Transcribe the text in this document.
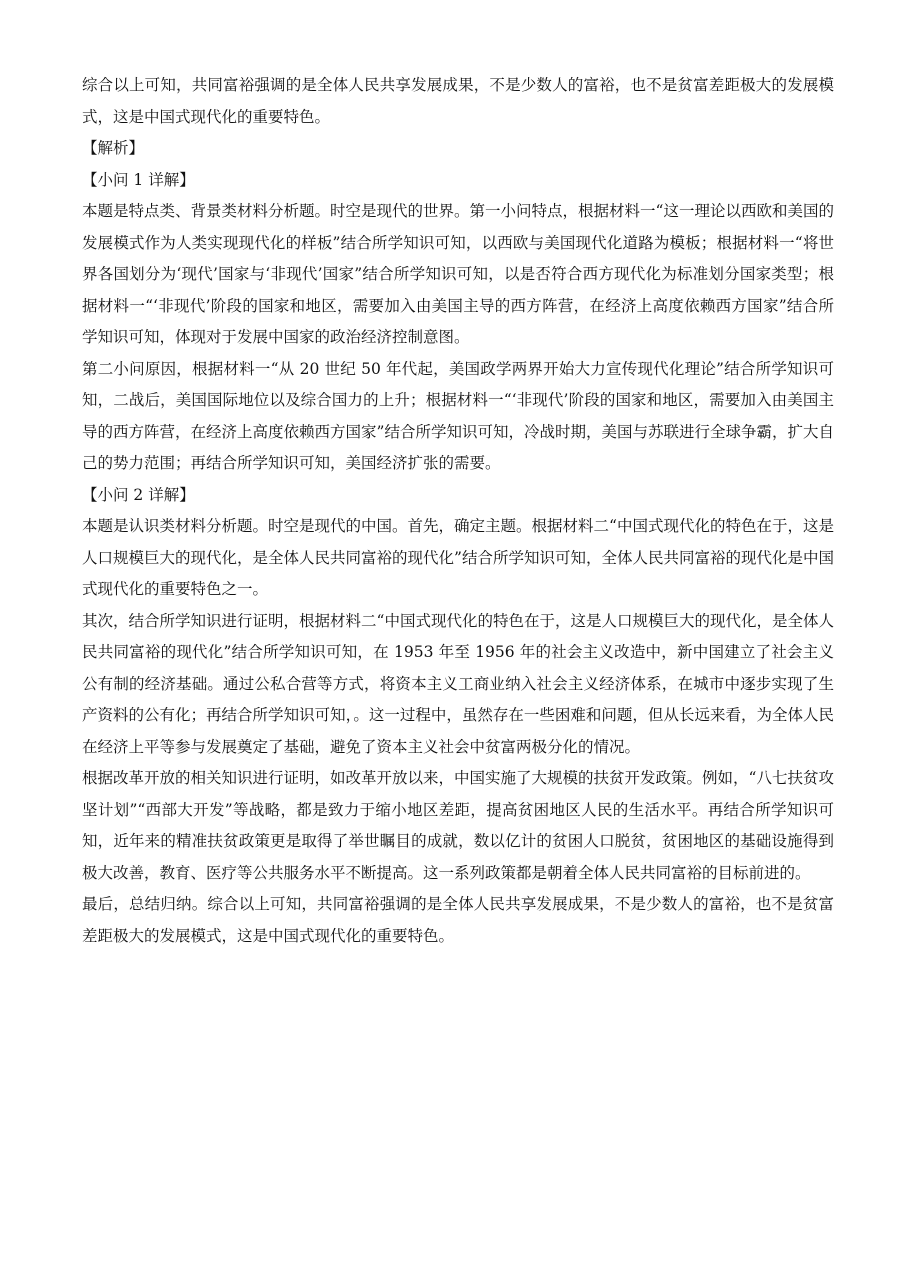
综合以上可知，共同富裕强调的是全体人民共享发展成果，不是少数人的富裕，也不是贫富差距极大的发展模式，这是中国式现代化的重要特色。

【解析】

【小问 1 详解】

本题是特点类、背景类材料分析题。时空是现代的世界。第一小问特点，根据材料一“这一理论以西欧和美国的发展模式作为人类实现现代化的样板”结合所学知识可知，以西欧与美国现代化道路为模板；根据材料一“将世界各国划分为‘现代’国家与‘非现代’国家”结合所学知识可知，以是否符合西方现代化为标准划分国家类型；根据材料一“‘非现代’阶段的国家和地区，需要加入由美国主导的西方阵营，在经济上高度依赖西方国家”结合所学知识可知，体现对于发展中国家的政治经济控制意图。

第二小问原因，根据材料一“从 20 世纪 50 年代起，美国政学两界开始大力宣传现代化理论”结合所学知识可知，二战后，美国国际地位以及综合国力的上升；根据材料一“‘非现代’阶段的国家和地区，需要加入由美国主导的西方阵营，在经济上高度依赖西方国家”结合所学知识可知，冷战时期，美国与苏联进行全球争霸，扩大自己的势力范围；再结合所学知识可知，美国经济扩张的需要。

【小问 2 详解】

本题是认识类材料分析题。时空是现代的中国。首先，确定主题。根据材料二“中国式现代化的特色在于，这是人口规模巨大的现代化，是全体人民共同富裕的现代化”结合所学知识可知，全体人民共同富裕的现代化是中国式现代化的重要特色之一。

其次，结合所学知识进行证明，根据材料二“中国式现代化的特色在于，这是人口规模巨大的现代化，是全体人民共同富裕的现代化”结合所学知识可知，在 1953 年至 1956 年的社会主义改造中，新中国建立了社会主义公有制的经济基础。通过公私合营等方式，将资本主义工商业纳入社会主义经济体系，在城市中逐步实现了生产资料的公有化；再结合所学知识可知，。这一过程中，虽然存在一些困难和问题，但从长远来看，为全体人民在经济上平等参与发展奠定了基础，避免了资本主义社会中贫富两极分化的情况。

根据改革开放的相关知识进行证明，如改革开放以来，中国实施了大规模的扶贫开发政策。例如，“八七扶贫攻坚计划”“西部大开发”等战略，都是致力于缩小地区差距，提高贫困地区人民的生活水平。再结合所学知识可知，近年来的精准扶贫政策更是取得了举世瞩目的成就，数以亿计的贫困人口脱贫，贫困地区的基础设施得到极大改善，教育、医疗等公共服务水平不断提高。这一系列政策都是朝着全体人民共同富裕的目标前进的。

最后，总结归纳。综合以上可知，共同富裕强调的是全体人民共享发展成果，不是少数人的富裕，也不是贫富差距极大的发展模式，这是中国式现代化的重要特色。
